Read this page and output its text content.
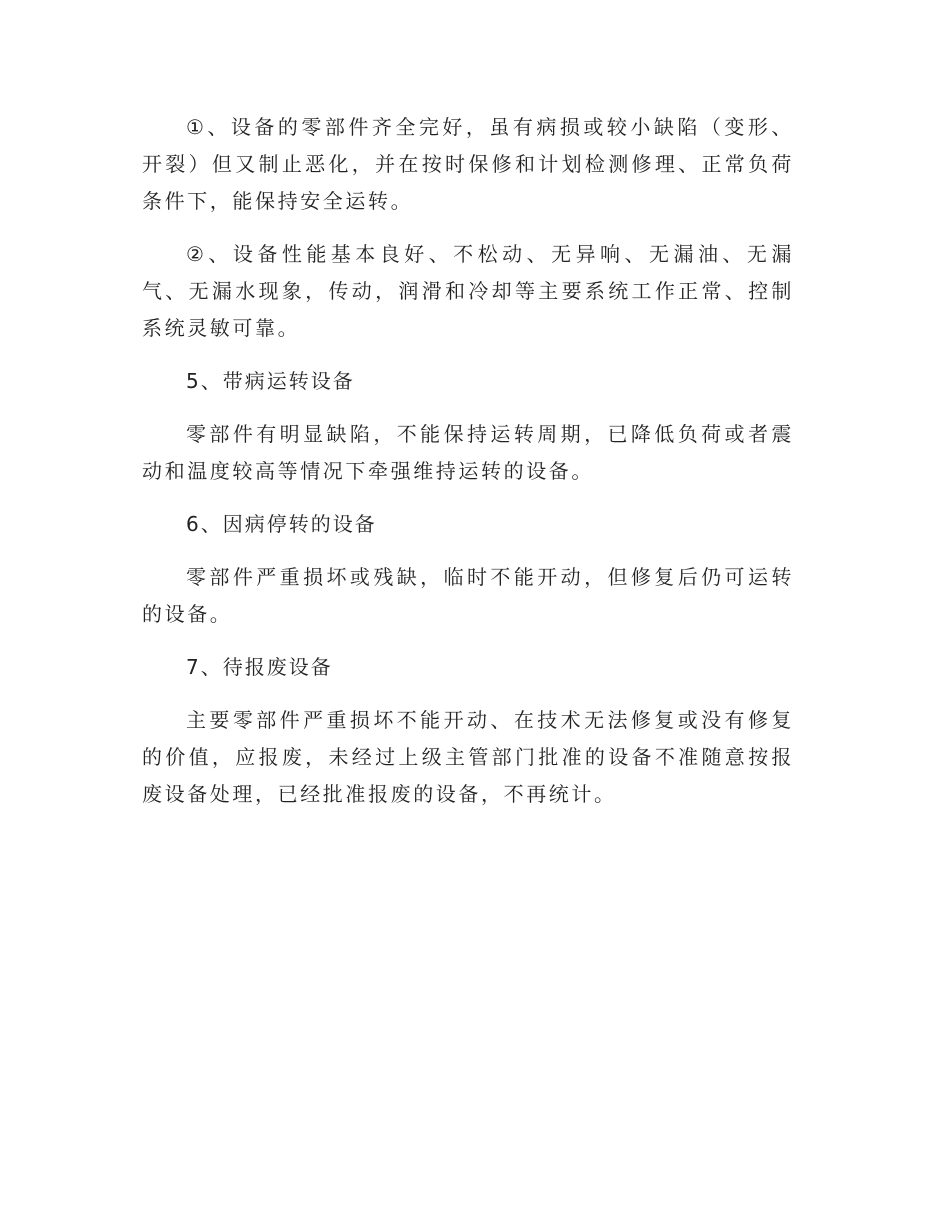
①、设备的零部件齐全完好，虽有病损或较小缺陷（变形、开裂）但又制止恶化，并在按时保修和计划检测修理、正常负荷条件下，能保持安全运转。

②、设备性能基本良好、不松动、无异响、无漏油、无漏气、无漏水现象，传动，润滑和冷却等主要系统工作正常、控制系统灵敏可靠。

5、带病运转设备

零部件有明显缺陷，不能保持运转周期，已降低负荷或者震动和温度较高等情况下牵强维持运转的设备。

6、因病停转的设备

零部件严重损坏或残缺，临时不能开动，但修复后仍可运转的设备。

7、待报废设备

主要零部件严重损坏不能开动、在技术无法修复或没有修复的价值，应报废，未经过上级主管部门批准的设备不准随意按报废设备处理，已经批准报废的设备，不再统计。
